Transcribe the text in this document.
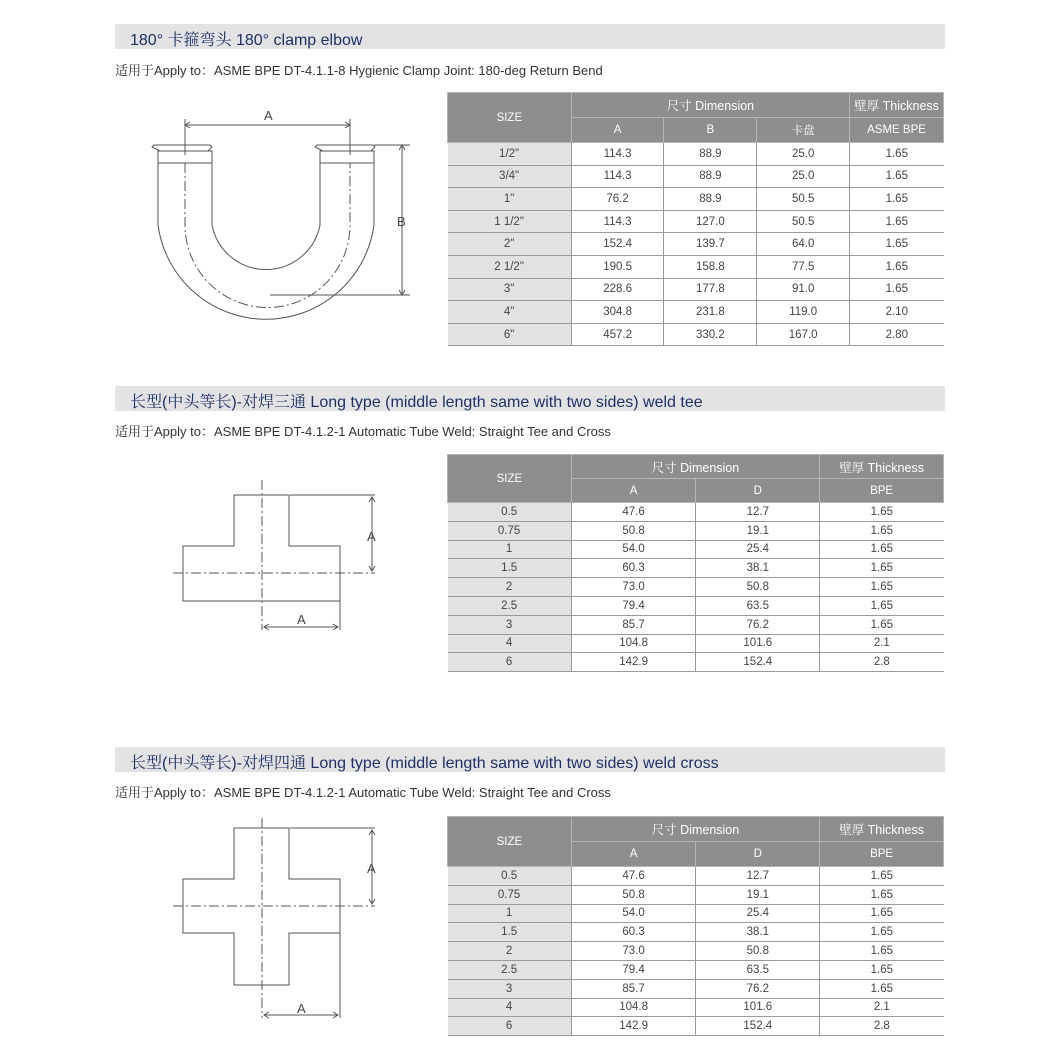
180° 卡箍弯头 180° clamp elbow
适用于Apply to：ASME BPE DT-4.1.1-8 Hygienic Clamp Joint: 180-deg Return Bend
A
B
SIZE	尺寸 Dimension			壁厚 Thickness
	A	B	卡盘	ASME BPE
1/2"	114.3	88.9	25.0	1.65
3/4"	114.3	88.9	25.0	1.65
1"	76.2	88.9	50.5	1.65
1 1/2"	114.3	127.0	50.5	1.65
2"	152.4	139.7	64.0	1.65
2 1/2"	190.5	158.8	77.5	1.65
3"	228.6	177.8	91.0	1.65
4"	304.8	231.8	119.0	2.10
6"	457.2	330.2	167.0	2.80
长型(中头等长)-对焊三通 Long type (middle length same with two sides) weld tee
适用于Apply to：ASME BPE DT-4.1.2-1 Automatic Tube Weld: Straight Tee and Cross
A
A
SIZE	尺寸 Dimension		壁厚 Thickness
	A	D	BPE
0.5	47.6	12.7	1.65
0.75	50.8	19.1	1.65
1	54.0	25.4	1.65
1.5	60.3	38.1	1.65
2	73.0	50.8	1.65
2.5	79.4	63.5	1.65
3	85.7	76.2	1.65
4	104.8	101.6	2.1
6	142.9	152.4	2.8
长型(中头等长)-对焊四通 Long type (middle length same with two sides) weld cross
适用于Apply to：ASME BPE DT-4.1.2-1 Automatic Tube Weld: Straight Tee and Cross
A
A
SIZE	尺寸 Dimension		壁厚 Thickness
	A	D	BPE
0.5	47.6	12.7	1.65
0.75	50.8	19.1	1.65
1	54.0	25.4	1.65
1.5	60.3	38.1	1.65
2	73.0	50.8	1.65
2.5	79.4	63.5	1.65
3	85.7	76.2	1.65
4	104.8	101.6	2.1
6	142.9	152.4	2.8
